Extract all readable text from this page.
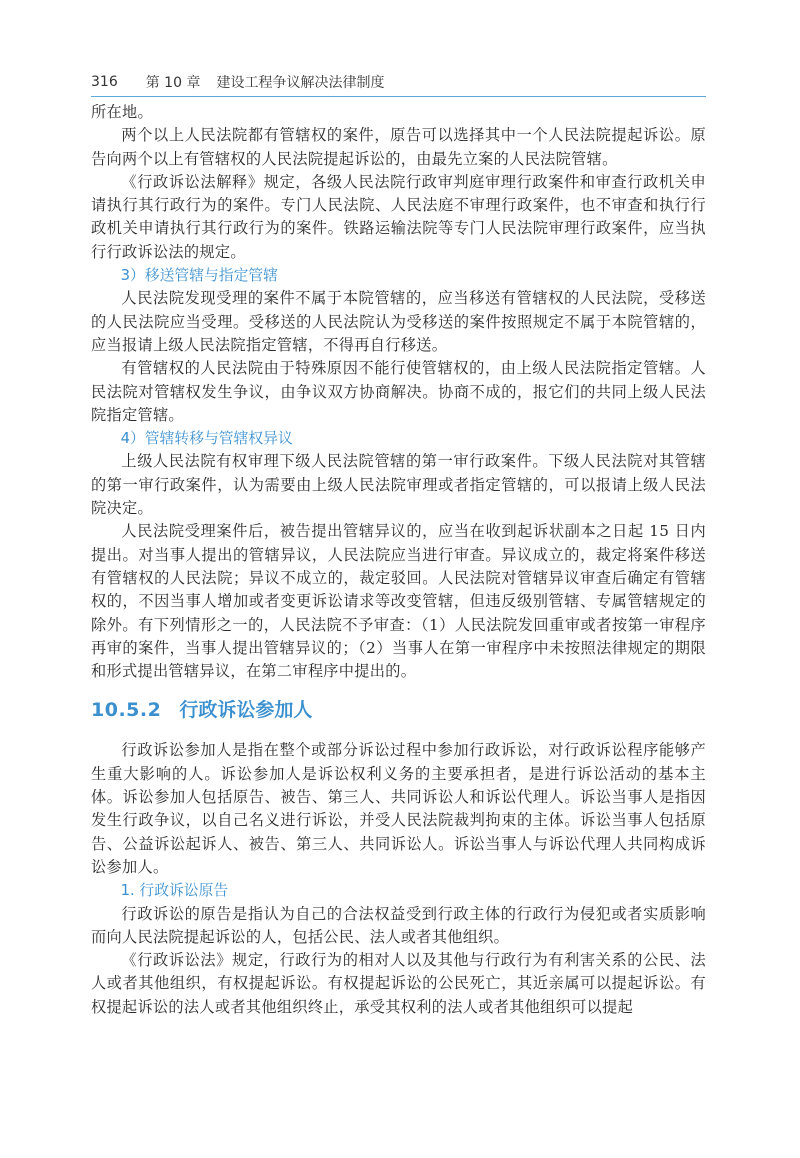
316 第 10 章 建设工程争议解决法律制度

所在地。

两个以上人民法院都有管辖权的案件，原告可以选择其中一个人民法院提起诉讼。原告向两个以上有管辖权的人民法院提起诉讼的，由最先立案的人民法院管辖。

《行政诉讼法解释》规定，各级人民法院行政审判庭审理行政案件和审查行政机关申请执行其行政行为的案件。专门人民法院、人民法庭不审理行政案件，也不审查和执行行政机关申请执行其行政行为的案件。铁路运输法院等专门人民法院审理行政案件，应当执行行政诉讼法的规定。

3）移送管辖与指定管辖

人民法院发现受理的案件不属于本院管辖的，应当移送有管辖权的人民法院，受移送的人民法院应当受理。受移送的人民法院认为受移送的案件按照规定不属于本院管辖的，应当报请上级人民法院指定管辖，不得再自行移送。

有管辖权的人民法院由于特殊原因不能行使管辖权的，由上级人民法院指定管辖。人民法院对管辖权发生争议，由争议双方协商解决。协商不成的，报它们的共同上级人民法院指定管辖。

4）管辖转移与管辖权异议

上级人民法院有权审理下级人民法院管辖的第一审行政案件。下级人民法院对其管辖的第一审行政案件，认为需要由上级人民法院审理或者指定管辖的，可以报请上级人民法院决定。

人民法院受理案件后，被告提出管辖异议的，应当在收到起诉状副本之日起 15 日内提出。对当事人提出的管辖异议，人民法院应当进行审查。异议成立的，裁定将案件移送有管辖权的人民法院；异议不成立的，裁定驳回。人民法院对管辖异议审查后确定有管辖权的，不因当事人增加或者变更诉讼请求等改变管辖，但违反级别管辖、专属管辖规定的除外。有下列情形之一的，人民法院不予审查：（1）人民法院发回重审或者按第一审程序再审的案件，当事人提出管辖异议的；（2）当事人在第一审程序中未按照法律规定的期限和形式提出管辖异议，在第二审程序中提出的。

10.5.2 行政诉讼参加人

行政诉讼参加人是指在整个或部分诉讼过程中参加行政诉讼，对行政诉讼程序能够产生重大影响的人。诉讼参加人是诉讼权利义务的主要承担者，是进行诉讼活动的基本主体。诉讼参加人包括原告、被告、第三人、共同诉讼人和诉讼代理人。诉讼当事人是指因发生行政争议，以自己名义进行诉讼，并受人民法院裁判拘束的主体。诉讼当事人包括原告、公益诉讼起诉人、被告、第三人、共同诉讼人。诉讼当事人与诉讼代理人共同构成诉讼参加人。

1. 行政诉讼原告

行政诉讼的原告是指认为自己的合法权益受到行政主体的行政行为侵犯或者实质影响而向人民法院提起诉讼的人，包括公民、法人或者其他组织。

《行政诉讼法》规定，行政行为的相对人以及其他与行政行为有利害关系的公民、法人或者其他组织，有权提起诉讼。有权提起诉讼的公民死亡，其近亲属可以提起诉讼。有权提起诉讼的法人或者其他组织终止，承受其权利的法人或者其他组织可以提起
